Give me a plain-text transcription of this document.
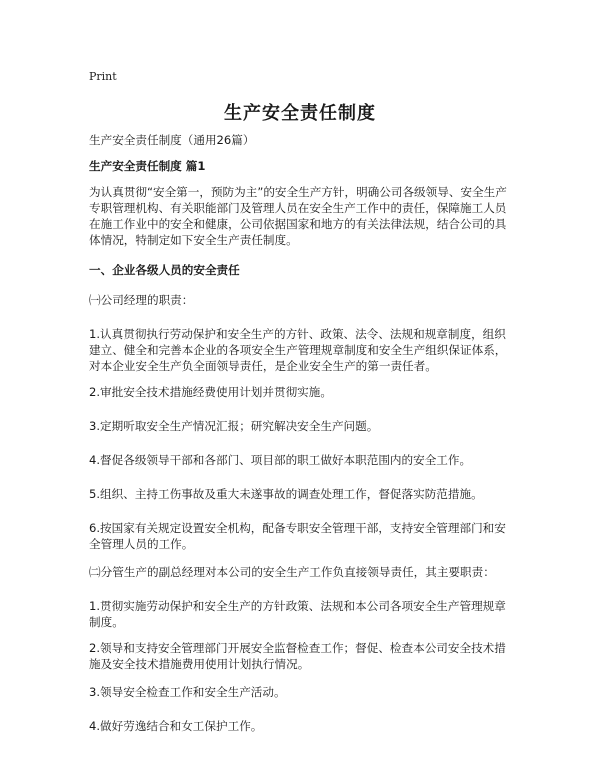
Print
生产安全责任制度

生产安全责任制度（通用26篇）

生产安全责任制度 篇1

为认真贯彻“安全第一，预防为主”的安全生产方针，明确公司各级领导、安全生产专职管理机构、有关职能部门及管理人员在安全生产工作中的责任，保障施工人员在施工作业中的安全和健康，公司依据国家和地方的有关法律法规，结合公司的具体情况，特制定如下安全生产责任制度。

一、企业各级人员的安全责任

㈠公司经理的职责：

1.认真贯彻执行劳动保护和安全生产的方针、政策、法令、法规和规章制度，组织建立、健全和完善本企业的各项安全生产管理规章制度和安全生产组织保证体系，对本企业安全生产负全面领导责任，是企业安全生产的第一责任者。

2.审批安全技术措施经费使用计划并贯彻实施。

3.定期听取安全生产情况汇报；研究解决安全生产问题。

4.督促各级领导干部和各部门、项目部的职工做好本职范围内的安全工作。

5.组织、主持工伤事故及重大未遂事故的调查处理工作，督促落实防范措施。

6.按国家有关规定设置安全机构，配备专职安全管理干部，支持安全管理部门和安全管理人员的工作。

㈡分管生产的副总经理对本公司的安全生产工作负直接领导责任，其主要职责：

1.贯彻实施劳动保护和安全生产的方针政策、法规和本公司各项安全生产管理规章制度。

2.领导和支持安全管理部门开展安全监督检查工作；督促、检查本公司安全技术措施及安全技术措施费用使用计划执行情况。

3.领导安全检查工作和安全生产活动。

4.做好劳逸结合和女工保护工作。
